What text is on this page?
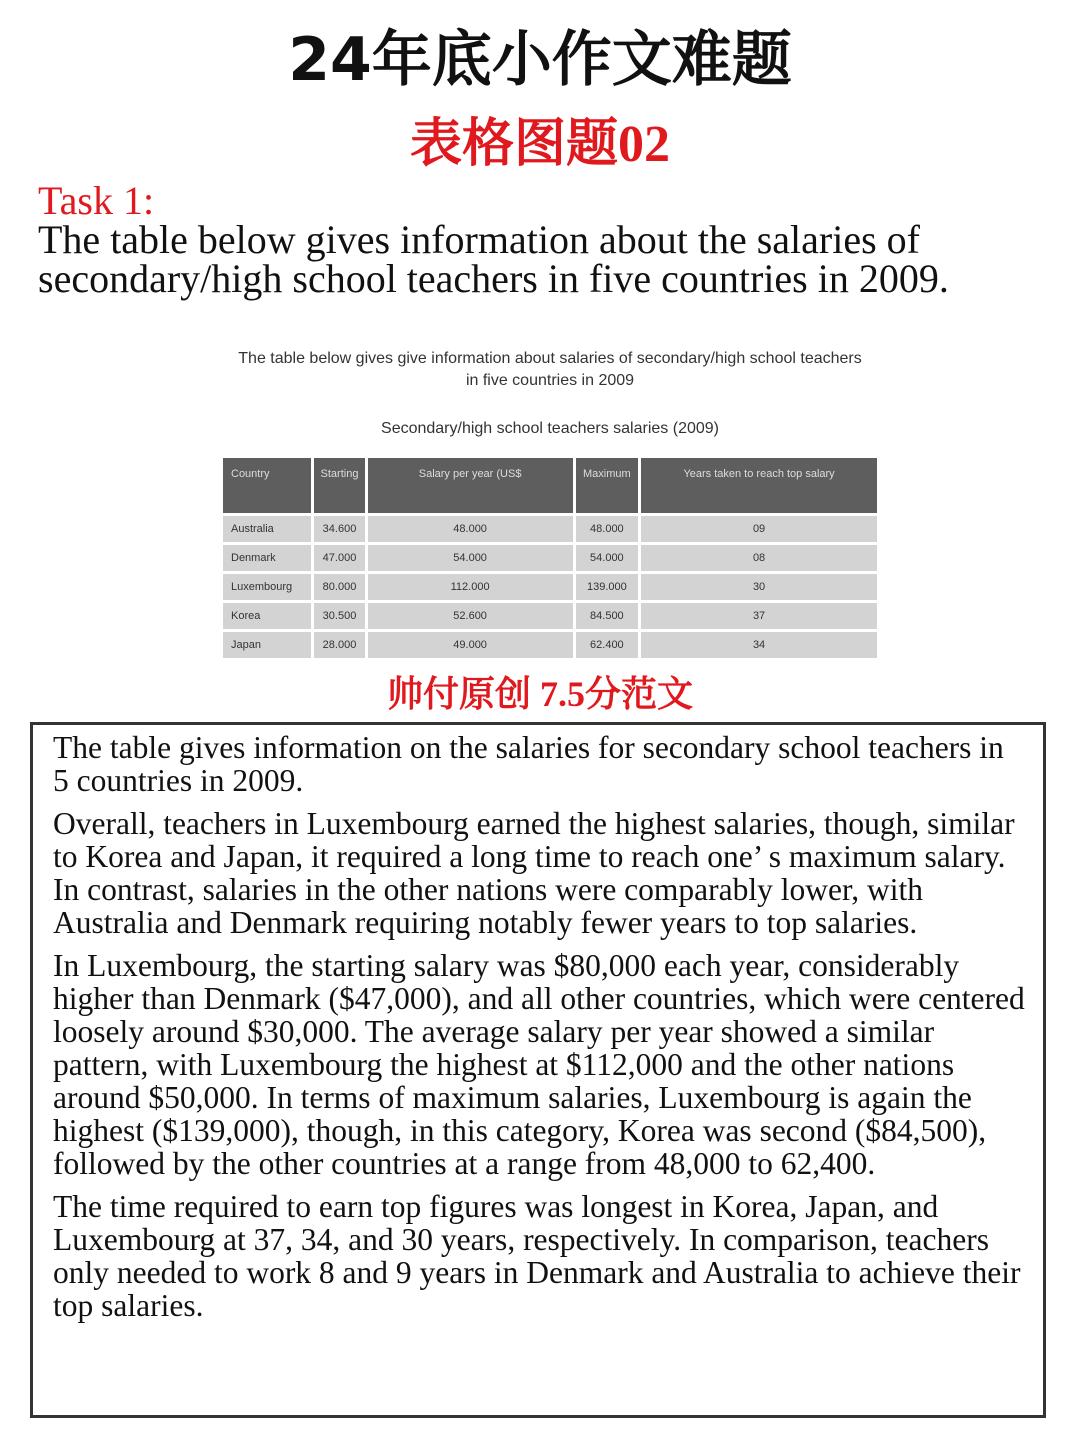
24年底小作文难题
表格图题02
Task 1:
The table below gives information about the salaries of secondary/high school teachers in five countries in 2009.
The table below gives give information about salaries of secondary/high school teachers
in five countries in 2009
Secondary/high school teachers salaries (2009)
Country	Starting	Salary per year (US$	Maximum	Years taken to reach top salary
Australia	34.600	48.000	48.000	09
Denmark	47.000	54.000	54.000	08
Luxembourg	80.000	112.000	139.000	30
Korea	30.500	52.600	84.500	37
Japan	28.000	49.000	62.400	34
帅付原创 7.5分范文

The table gives information on the salaries for secondary school teachers in 5 countries in 2009.

Overall, teachers in Luxembourg earned the highest salaries, though, similar to Korea and Japan, it required a long time to reach one’ s maximum salary. In contrast, salaries in the other nations were comparably lower, with Australia and Denmark requiring notably fewer years to top salaries.

In Luxembourg, the starting salary was $80,000 each year, considerably higher than Denmark ($47,000), and all other countries, which were centered loosely around $30,000. The average salary per year showed a similar pattern, with Luxembourg the highest at $112,000 and the other nations around $50,000. In terms of maximum salaries, Luxembourg is again the highest ($139,000), though, in this category, Korea was second ($84,500), followed by the other countries at a range from 48,000 to 62,400.

The time required to earn top figures was longest in Korea, Japan, and Luxembourg at 37, 34, and 30 years, respectively. In comparison, teachers only needed to work 8 and 9 years in Denmark and Australia to achieve their top salaries.
